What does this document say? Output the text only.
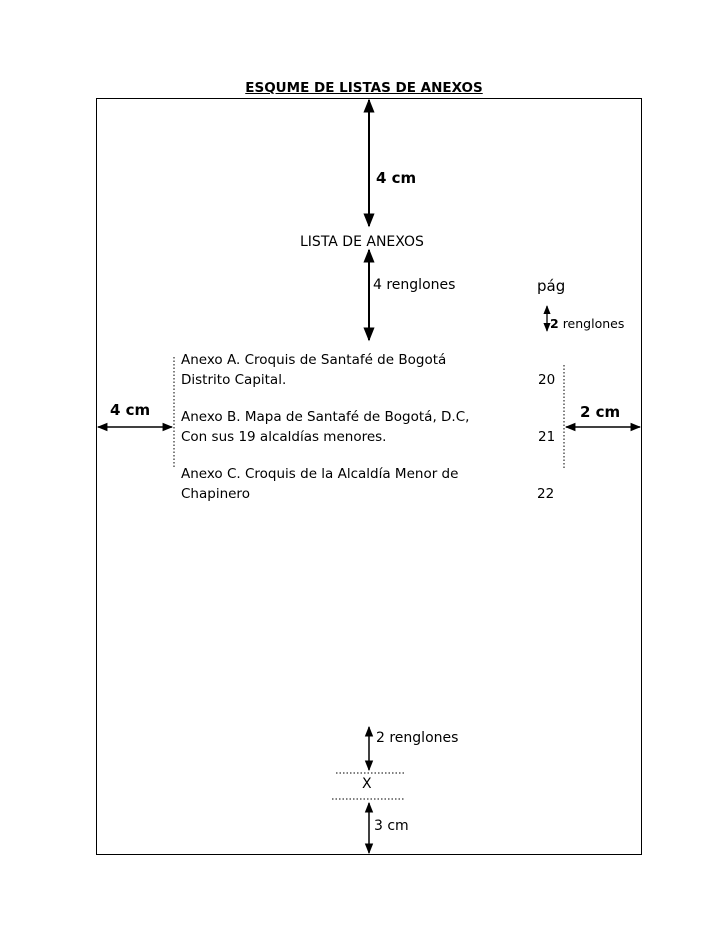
ESQUME DE LISTAS DE ANEXOS
4 cm
LISTA DE ANEXOS
4 renglones	pág
2 renglones
4 cm	2 cm
Anexo A. Croquis de Santafé de Bogotá
Distrito Capital.	20
Anexo B. Mapa de Santafé de Bogotá, D.C,
Con sus 19 alcaldías menores.	21
Anexo C. Croquis de la Alcaldía Menor de
Chapinero	22
2 renglones
X
3 cm
